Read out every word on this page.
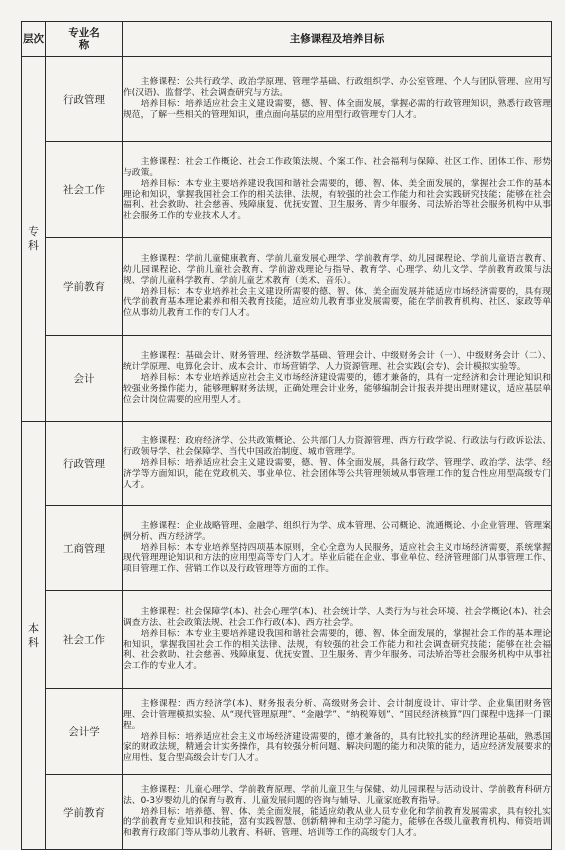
层次	专业名称	主修课程及培养目标
专科	行政管理	主修课程：公共行政学、政治学原理、管理学基础、行政组织学、办公室管理、个人与团队管理、应用写作(汉语)、监督学、社会调查研究与方法。

培养目标：培养适应社会主义建设需要，德、智、体全面发展，掌握必需的行政管理知识，熟悉行政管理规范，了解一些相关的管理知识，重点面向基层的应用型行政管理专门人才。

	社会工作	主修课程：社会工作概论、社会工作政策法规、个案工作、社会福利与保障、社区工作、团体工作、形势与政策。

培养目标：本专业主要培养建设我国和谐社会需要的，德、智、体、美全面发展的，掌握社会工作的基本理论和知识，掌握我国社会工作的相关法律、法规，有较强的社会工作能力和社会实践研究技能；能够在社会福利、社会救助、社会慈善、残障康复、优抚安置、卫生服务、青少年服务、司法矫治等社会服务机构中从事社会服务工作的专业技术人才。

	学前教育	主修课程：学前儿童健康教育、学前儿童发展心理学、学前教育学、幼儿园课程论、学前儿童语言教育、幼儿园课程论、学前儿童社会教育、学前游戏理论与指导、教育学、心理学、幼儿文学、学前教育政策与法规、学前儿童科学教育、学前儿童艺术教育（美术、音乐）。

培养目标：本专业培养社会主义建设所需要的德、智、体、美全面发展并能适应市场经济需要的，具有现代学前教育基本理论素养和相关教育技能，适应幼儿教育事业发展需要，能在学前教育机构、社区、家政等单位从事幼儿教育工作的专门人才。

	会计	主修课程：基础会计、财务管理、经济数学基础、管理会计、中级财务会计（一）、中级财务会计（二）、统计学原理、电算化会计、成本会计、市场营销学、人力资源管理、社会实践(会专)、会计模拟实验等。

培养目标：本专业培养适应社会主义市场经济建设需要的，德才兼备的，具有一定经济和会计理论知识和较强业务操作能力，能够理解财务法规，正确处理会计业务，能够编制会计报表并提出理财建议，适应基层单位会计岗位需要的应用型人才。

本科	行政管理	主修课程：政府经济学、公共政策概论、公共部门人力资源管理、西方行政学说、行政法与行政诉讼法、行政领导学、社会保障学、当代中国政治制度、城市管理学。

培养目标：培养适应社会主义建设需要，德、智、体全面发展，具备行政学、管理学、政治学、法学、经济学等方面知识，能在党政机关、事业单位、社会团体等公共管理领域从事管理工作的复合性应用型高级专门人才。

	工商管理	主修课程：企业战略管理、金融学、组织行为学、成本管理、公司概论、流通概论、小企业管理、管理案例分析、西方经济学。

培养目标：本专业培养坚持四项基本原则，全心全意为人民服务，适应社会主义市场经济需要，系统掌握现代管理理论知识和方法的应用型高等专门人才。毕业后能在企业、事业单位、经济管理部门从事管理工作、项目管理工作、营销工作以及行政管理等方面的工作。

	社会工作	主修课程：社会保障学(本)、社会心理学(本)、社会统计学、人类行为与社会环境、社会学概论(本)、社会调查方法、社会政策法规、社会工作行政(本)、西方社会学。

培养目标：本专业主要培养建设我国和谐社会需要的，德、智、体全面发展的，掌握社会工作的基本理论和知识，掌握我国社会工作的相关法律、法规，有较强的社会工作能力和社会调查研究技能；能够在社会福利、社会救助、社会慈善、残障康复、优抚安置、卫生服务、青少年服务、司法矫治等社会服务机构中从事社会工作的专业人才。

	会计学	主修课程：西方经济学(本)、财务报表分析、高级财务会计、会计制度设计、审计学、企业集团财务管理、会计管理模拟实验、从“现代管理原理”、“金融学”、“纳税筹划”、“国民经济核算”四门课程中选择一门课程。

培养目标：培养适应社会主义市场经济建设需要的，德才兼备的，具有比较扎实的经济理论基础，熟悉国家的财政法规，精通会计实务操作，具有较强分析问题、解决问题的能力和决策的能力，适应经济发展要求的应用性、复合型高级会计专门人才。

	学前教育	主修课程：儿童心理学、学前教育原理、学前儿童卫生与保健、幼儿园课程与活动设计、学前教育科研方法、0-3岁婴幼儿的保育与教育、儿童发展问题的咨询与辅导、儿童家庭教育指导。

培养目标：培养德、智、体、美全面发展，能适应幼教从业人员专业化和学前教育发展需求，具有较扎实的学前教育专业知识和技能，富有实践智慧、创新精神和主动学习能力，能够在各级儿童教育机构、师资培训和教育行政部门等从事幼儿教育、科研、管理、培训等工作的高级专门人才。
